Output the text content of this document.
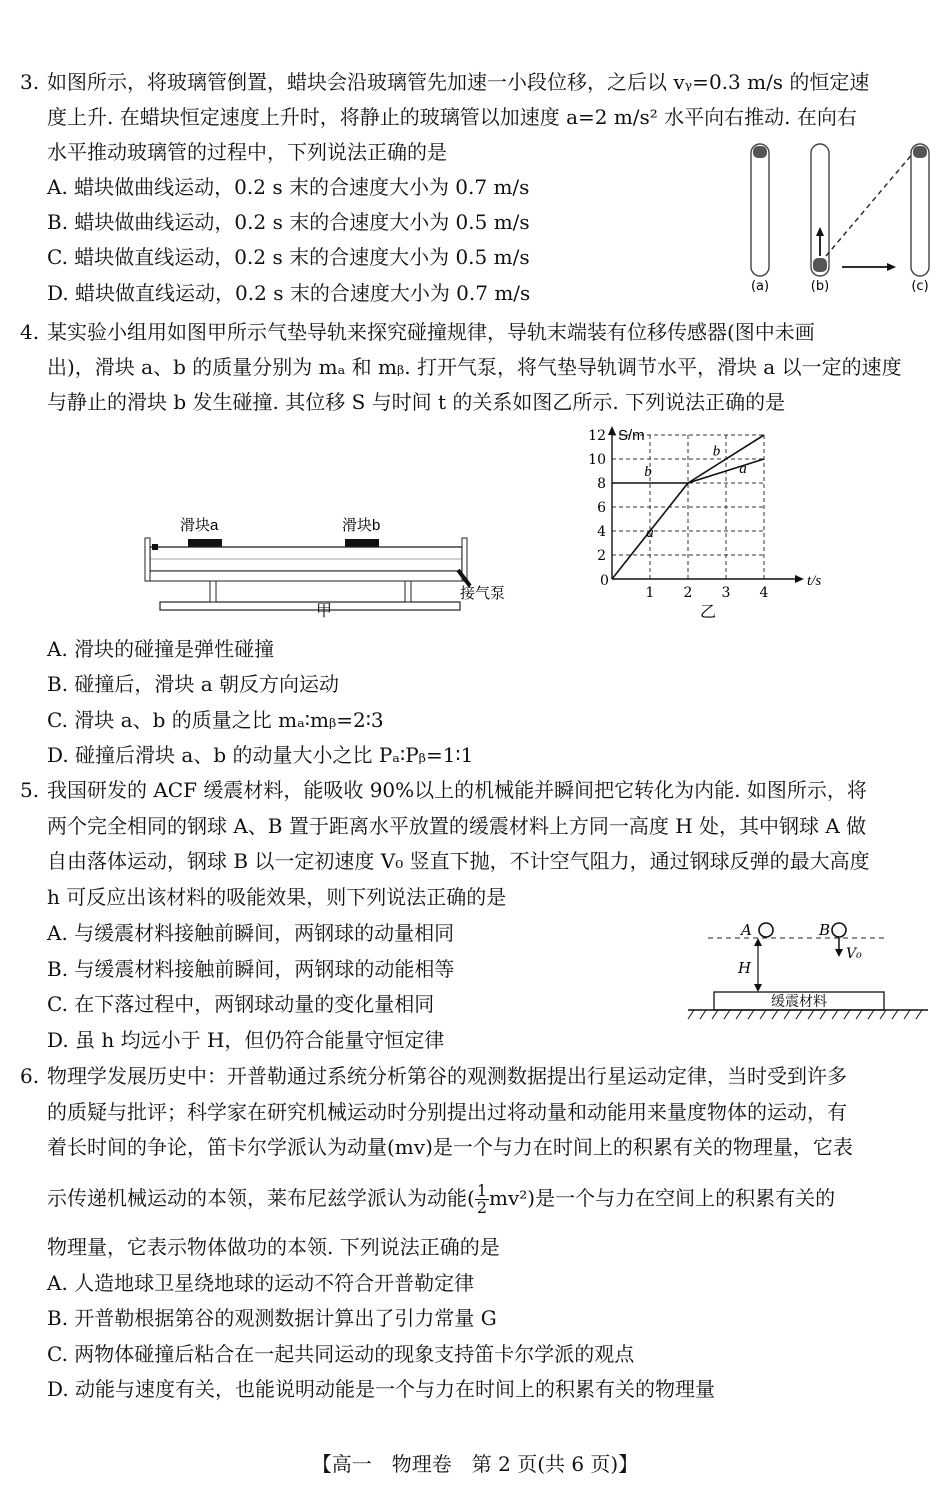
3. 如图所示，将玻璃管倒置，蜡块会沿玻璃管先加速一小段位移，之后以 vᵧ=0.3 m/s 的恒定速
度上升. 在蜡块恒定速度上升时，将静止的玻璃管以加速度 a=2 m/s² 水平向右推动. 在向右
水平推动玻璃管的过程中，下列说法正确的是
A. 蜡块做曲线运动，0.2 s 末的合速度大小为 0.7 m/s
B. 蜡块做曲线运动，0.2 s 末的合速度大小为 0.5 m/s
C. 蜡块做直线运动，0.2 s 末的合速度大小为 0.5 m/s
D. 蜡块做直线运动，0.2 s 末的合速度大小为 0.7 m/s	(a)	(b)	(c)
4. 某实验小组用如图甲所示气垫导轨来探究碰撞规律，导轨末端装有位移传感器(图中未画
出)，滑块 a、b 的质量分别为 mₐ 和 mᵦ. 打开气泵，将气垫导轨调节水平，滑块 a 以一定的速度
与静止的滑块 b 发生碰撞. 其位移 S 与时间 t 的关系如图乙所示. 下列说法正确的是
滑块a	滑块b
接气泵
甲
S/m
t/s
0
1 2 3 4
2
4
6
8
10
12
a
a
b
b
乙
A. 滑块的碰撞是弹性碰撞
B. 碰撞后，滑块 a 朝反方向运动
C. 滑块 a、b 的质量之比 mₐ∶mᵦ=2∶3
D. 碰撞后滑块 a、b 的动量大小之比 Pₐ∶Pᵦ=1∶1
5. 我国研发的 ACF 缓震材料，能吸收 90%以上的机械能并瞬间把它转化为内能. 如图所示，将
两个完全相同的钢球 A、B 置于距离水平放置的缓震材料上方同一高度 H 处，其中钢球 A 做
自由落体运动，钢球 B 以一定初速度 V₀ 竖直下抛，不计空气阻力，通过钢球反弹的最大高度
h 可反应出该材料的吸能效果，则下列说法正确的是
A. 与缓震材料接触前瞬间，两钢球的动量相同
B. 与缓震材料接触前瞬间，两钢球的动能相等
C. 在下落过程中，两钢球动量的变化量相同
D. 虽 h 均远小于 H，但仍符合能量守恒定律
A	B
V₀
H
缓震材料
6. 物理学发展历史中：开普勒通过系统分析第谷的观测数据提出行星运动定律，当时受到许多
的质疑与批评；科学家在研究机械运动时分别提出过将动量和动能用来量度物体的运动，有
着长时间的争论，笛卡尔学派认为动量(mv)是一个与力在时间上的积累有关的物理量，它表
示传递机械运动的本领，莱布尼兹学派认为动能( $\frac{1}{2} mv^2$)是一个与力在空间上的积累有关的
物理量，它表示物体做功的本领. 下列说法正确的是
A. 人造地球卫星绕地球的运动不符合开普勒定律
B. 开普勒根据第谷的观测数据计算出了引力常量 G
C. 两物体碰撞后粘合在一起共同运动的现象支持笛卡尔学派的观点
D. 动能与速度有关，也能说明动能是一个与力在时间上的积累有关的物理量
【高一　物理卷　第 2 页(共 6 页)】
